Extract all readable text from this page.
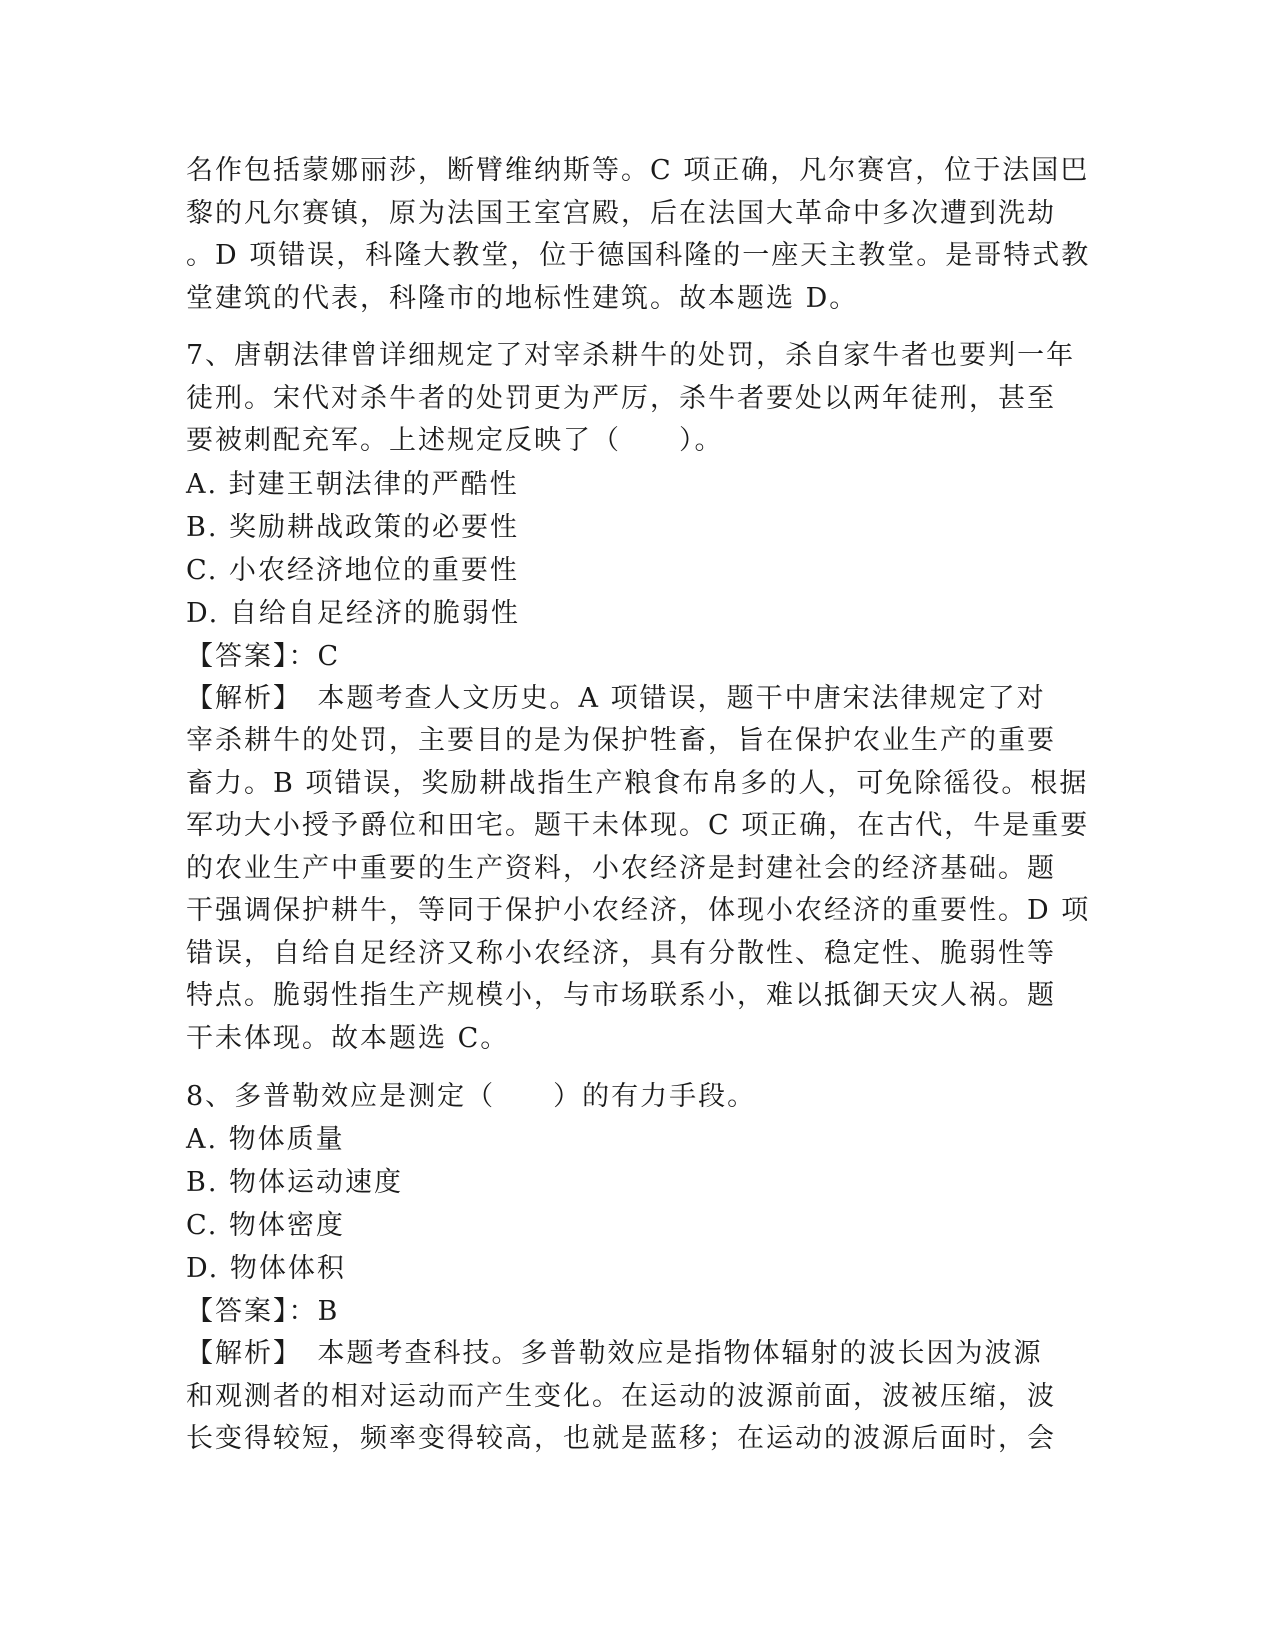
名作包括蒙娜丽莎，断臂维纳斯等。C 项正确，凡尔赛宫，位于法国巴
黎的凡尔赛镇，原为法国王室宫殿，后在法国大革命中多次遭到洗劫
。D 项错误，科隆大教堂，位于德国科隆的一座天主教堂。是哥特式教
堂建筑的代表，科隆市的地标性建筑。故本题选 D。

7、唐朝法律曾详细规定了对宰杀耕牛的处罚，杀自家牛者也要判一年
徒刑。宋代对杀牛者的处罚更为严厉，杀牛者要处以两年徒刑，甚至
要被刺配充军。上述规定反映了（　　）。

A. 封建王朝法律的严酷性
B. 奖励耕战政策的必要性
C. 小农经济地位的重要性
D. 自给自足经济的脆弱性
【答案】：C

【解析】　本题考查人文历史。A 项错误，题干中唐宋法律规定了对
宰杀耕牛的处罚，主要目的是为保护牲畜，旨在保护农业生产的重要
畜力。B 项错误，奖励耕战指生产粮食布帛多的人，可免除徭役。根据
军功大小授予爵位和田宅。题干未体现。C 项正确，在古代，牛是重要
的农业生产中重要的生产资料，小农经济是封建社会的经济基础。题
干强调保护耕牛，等同于保护小农经济，体现小农经济的重要性。D 项
错误，自给自足经济又称小农经济，具有分散性、稳定性、脆弱性等
特点。脆弱性指生产规模小，与市场联系小，难以抵御天灾人祸。题
干未体现。故本题选 C。

8、多普勒效应是测定（　　）的有力手段。
A. 物体质量
B. 物体运动速度
C. 物体密度
D. 物体体积
【答案】：B

【解析】　本题考查科技。多普勒效应是指物体辐射的波长因为波源
和观测者的相对运动而产生变化。在运动的波源前面，波被压缩，波
长变得较短，频率变得较高，也就是蓝移；在运动的波源后面时，会
